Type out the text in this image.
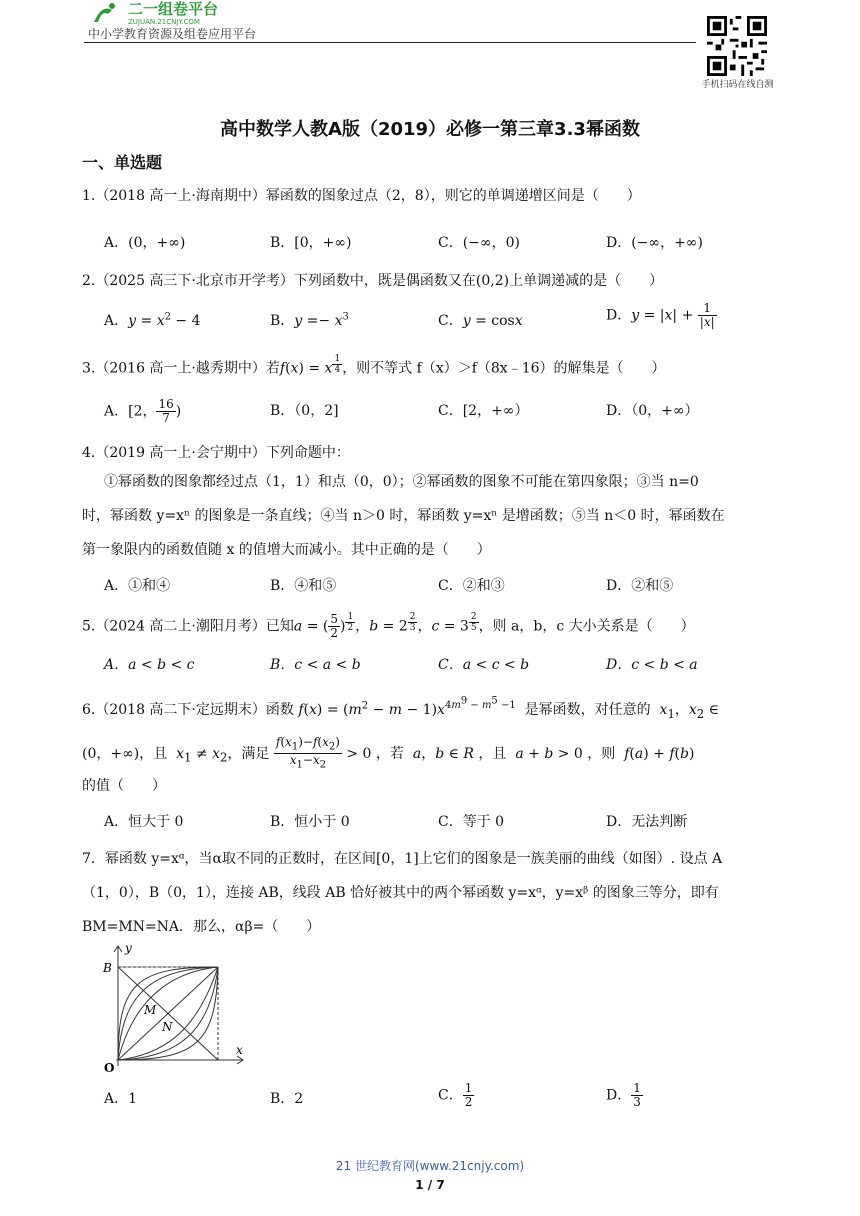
二一组卷平台
ZUJUAN.21CNJY.COM
中小学教育资源及组卷应用平台
手机扫码在线自测
高中数学人教A版（2019）必修一第三章3.3幂函数
一、单选题
1.（2018 高一上·海南期中）幂函数的图象过点（2，8），则它的单调递增区间是（　　）
A．(0，+∞)	B．[0，+∞)	C．(−∞，0)	D．(−∞，+∞)
2.（2025 高三下·北京市开学考）下列函数中，既是偶函数又在(0,2)上单调递减的是（　　）
A．$y = x^2 - 4$	B．$y =- x^3$	C．y = cosx	D．$y = |x| + \frac{1}{|x|}$
3.（2016 高一上·越秀期中）若f(x) = x $^{\frac{1}{4}}$ ，则不等式 f（x）＞f（8x﹣16）的解集是（　　）
A．[2， $\frac{16}{7}$ )	B．（0，2]	C．[2，+∞）	D．（0，+∞）
4.（2019 高一上·会宁期中）下列命题中：
①幂函数的图象都经过点（1，1）和点（0，0）；②幂函数的图象不可能在第四象限；③当 n=0
时，幂函数 y=xⁿ 的图象是一条直线；④当 n＞0 时，幂函数 y=xⁿ 是增函数；⑤当 n＜0 时，幂函数在
第一象限内的函数值随 x 的值增大而减小。其中正确的是（　　）
A．①和④	B．④和⑤	C．②和③	D．②和⑤
5.（2024 高二上·潮阳月考）已知a = ( $\frac{5}{2}$ ) $^{\frac{1}{2}}$ ，b = 2 $^{\frac{2}{3}}$ ，c = 3 $^{\frac{2}{5}}$ ，则 a，b，c 大小关系是（　　）
A．a < b < c	B．c < a < b	C．a < c < b	D．c < b < a
6.（2018 高二下·定远期末）函数 $f(x) = (m^2 - m - 1)x^{4m^9 - m^5 -1}$ 是幂函数，对任意的 $x_1$，$x_2$ ∈
(0，+∞)，且 $x_1 \ne x_2$，满足 $\frac{f(x_1)-f(x_2)}{x_1-x_2} > 0$ ，若 a，b ∈ R ，且 a + b > 0 ，则 f(a) + f(b)
的值（　　）
A．恒大于 0	B．恒小于 0	C．等于 0	D．无法判断
7．幂函数 y=xᵅ，当α取不同的正数时，在区间[0，1]上它们的图象是一族美丽的曲线（如图）. 设点 A
（1，0），B（0，1），连接 AB，线段 AB 恰好被其中的两个幂函数 y=xᵅ，y=xᵝ 的图象三等分，即有
BM=MN=NA．那么，αβ=（　　）
y
x
B
M
N
O
A．1	B．2	C． $\frac{1}{2}$	D． $\frac{1}{3}$
21 世纪教育网(www.21cnjy.com)
1 / 7
